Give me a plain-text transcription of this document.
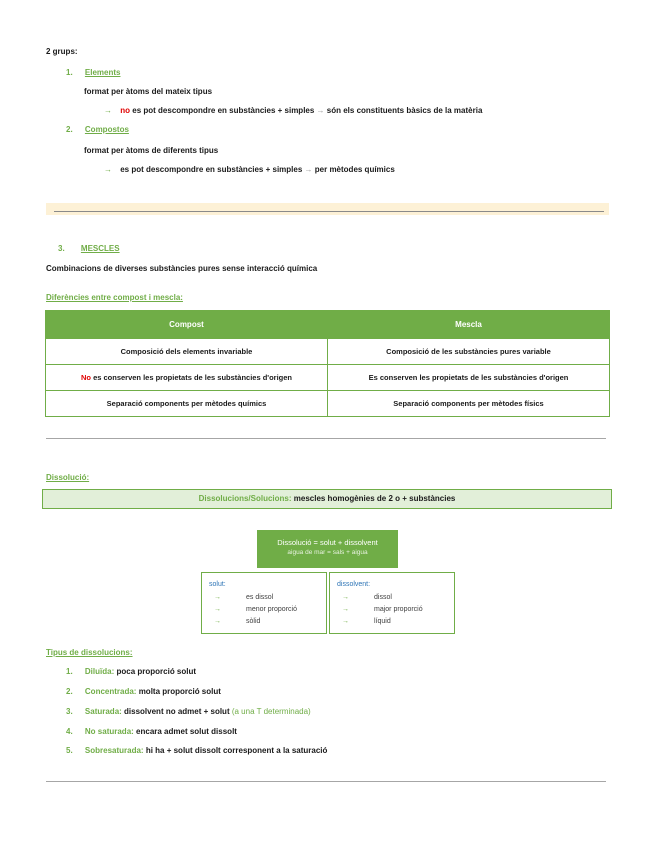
2 grups:
1. Elements
format per àtoms del mateix tipus
→ no es pot descompondre en substàncies + simples → són els constituents bàsics de la matèria
2. Compostos
format per àtoms de diferents tipus
→ es pot descompondre en substàncies + simples → per mètodes químics
3. MESCLES
Combinacions de diverses substàncies pures sense interacció química
Diferències entre compost i mescla:
Compost	Mescla
Composició dels elements invariable	Composició de les substàncies pures variable
No es conserven les propietats de les substàncies d'origen	Es conserven les propietats de les substàncies d'origen
Separació components per mètodes químics	Separació components per mètodes físics
Dissolució:
Dissolucions/Solucions: mescles homogènies de 2 o + substàncies
Dissolució = solut + dissolvent
aigua de mar = sals + aigua
solut:
→	es dissol
→	menor proporció
→	sòlid
dissolvent:
→	dissol
→	major proporció
→	líquid
Tipus de dissolucions:
1. Diluïda: poca proporció solut
2. Concentrada: molta proporció solut
3. Saturada: dissolvent no admet + solut (a una T determinada)
4. No saturada: encara admet solut dissolt
5. Sobresaturada: hi ha + solut dissolt corresponent a la saturació
